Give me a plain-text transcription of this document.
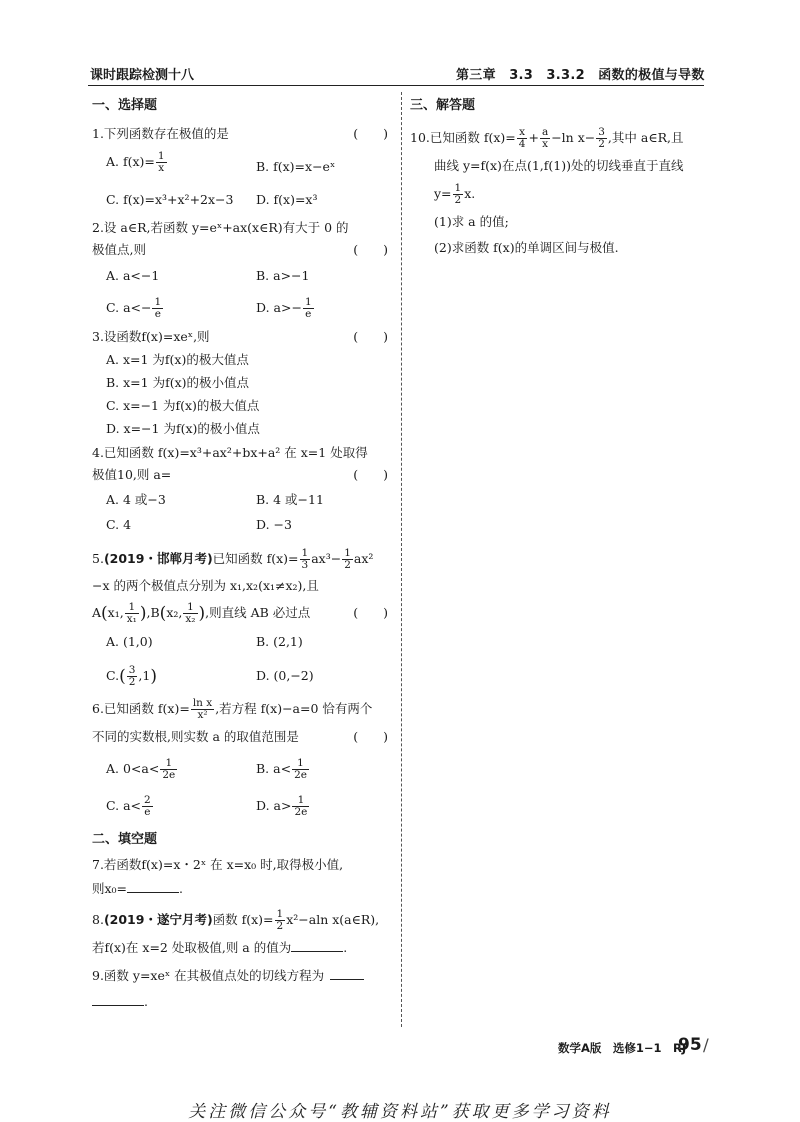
课时跟踪检测十八	第三章　3.3　3.3.2　函数的极值与导数
一、选择题
1.下列函数存在极值的是	(　　)
A. $f(x)= \frac{1}{x}$	B. f(x)=x−eˣ
C. f(x)=x³+x²+2x−3	D. f(x)=x³
2.设 a∈R,若函数 y=eˣ+ax(x∈R)有大于 0 的
极值点,则	(　　)
A. a<−1	B. a>−1
C. $a<- \frac{1}{e}$	D. $a>- \frac{1}{e}$
3.设函数f(x)=xeˣ,则	(　　)
A. x=1 为f(x)的极大值点
B. x=1 为f(x)的极小值点
C. x=−1 为f(x)的极大值点
D. x=−1 为f(x)的极小值点
4.已知函数 f(x)=x³+ax²+bx+a² 在 x=1 处取得
极值10,则 a=	(　　)
A. 4 或−3	B. 4 或−11
C. 4	D. −3
5.(2019・邯郸月考)已知函数 $f(x)= \frac{1}{3} ax^3- \frac{1}{2} ax^2$
−x 的两个极值点分别为 x₁,x₂(x₁≠x₂),且
A(x₁, $\frac{1}{\text{x₁}} ),B(x_2$, $\frac{1}{\text{x₂}}$ ),则直线 AB 必过点	(　　)
A. (1,0)	B. (2,1)
$C.( \frac{3}{2} ,1)$	D. (0,−2)
6.已知函数 $f(x)= \frac{\text{ln x}}{\text{x²}}$ ,若方程 f(x)−a=0 恰有两个
不同的实数根,则实数 a 的取值范围是	(　　)
A. $0<a< \frac{1}{2e}$	B. $a< \frac{1}{2e}$
C. $a< \frac{2}{e}$	D. $a> \frac{1}{2e}$
二、填空题
7.若函数f(x)=x・2ˣ 在 x=x₀ 时,取得极小值,
则x₀=	.
8.(2019・遂宁月考)函数 $f(x)= \frac{1}{2} x^2-aln$ x(a∈R),
若f(x)在 x=2 处取极值,则 a 的值为	.
9.函数 y=xeˣ 在其极值点处的切线方程为
.
三、解答题
10.已知函数 $f(x)= \frac{x}{4} + \frac{a}{x} -\ln$ $x- \frac{3}{2}$ ,其中 a∈R,且
曲线 y=f(x)在点(1,f(1))处的切线垂直于直线
$y= \frac{1}{2} x$.
(1)求 a 的值;
(2)求函数 f(x)的单调区间与极值.
数学A版　选修1−1　RJ
95 /
关注微信公众号“教辅资料站”获取更多学习资料
